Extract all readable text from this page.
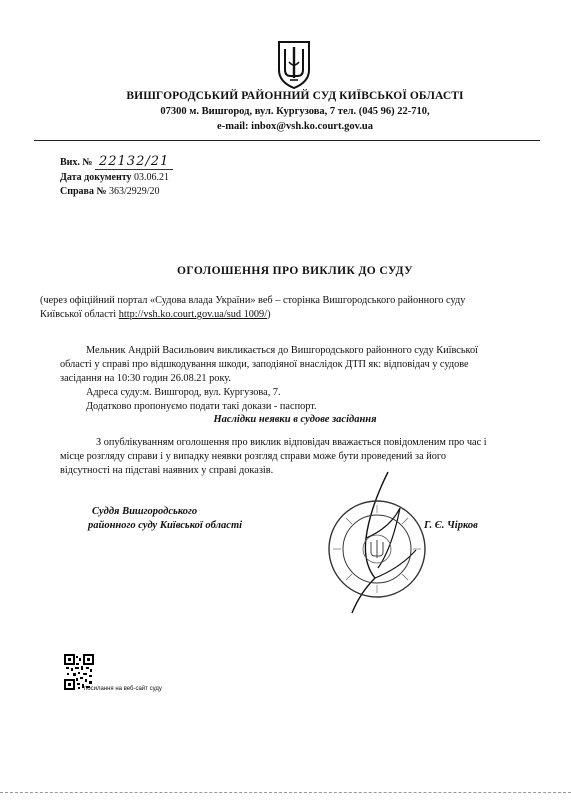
ВИШГОРОДСЬКИЙ РАЙОННИЙ СУД КИЇВСЬКОЇ ОБЛАСТІ
07300 м. Вишгород, вул. Кургузова, 7 тел. (045 96) 22-710,
e-mail: inbox@vsh.ko.court.gov.ua
Вих. № 22132/21
Дата документу 03.06.21
Справа № 363/2929/20
ОГОЛОШЕННЯ ПРО ВИКЛИК ДО СУДУ
(через офіційний портал «Судова влада України» веб – сторінка Вишгородського районного суду
Київської області http://vsh.ko.court.gov.ua/sud 1009/)
Мельник Андрій Васильович викликається до Вишгородського районного суду Київської
області у справі про відшкодування шкоди, заподіяної внаслідок ДТП як: відповідач у судове
засідання на 10:30 годин 26.08.21 року.
Адреса суду:м. Вишгород, вул. Кургузова, 7.
Додатково пропонуємо подати такі докази - паспорт.
Наслідки неявки в судове засідання
З опублікуванням оголошення про виклик відповідач вважається повідомленим про час і
місце розгляду справи і у випадку неявки розгляд справи може бути проведений за його
відсутності на підставі наявних у справі доказів.
Суддя Вишгородського
районного суду Київської області	Г. Є. Чірков
посилання на веб-сайт суду
